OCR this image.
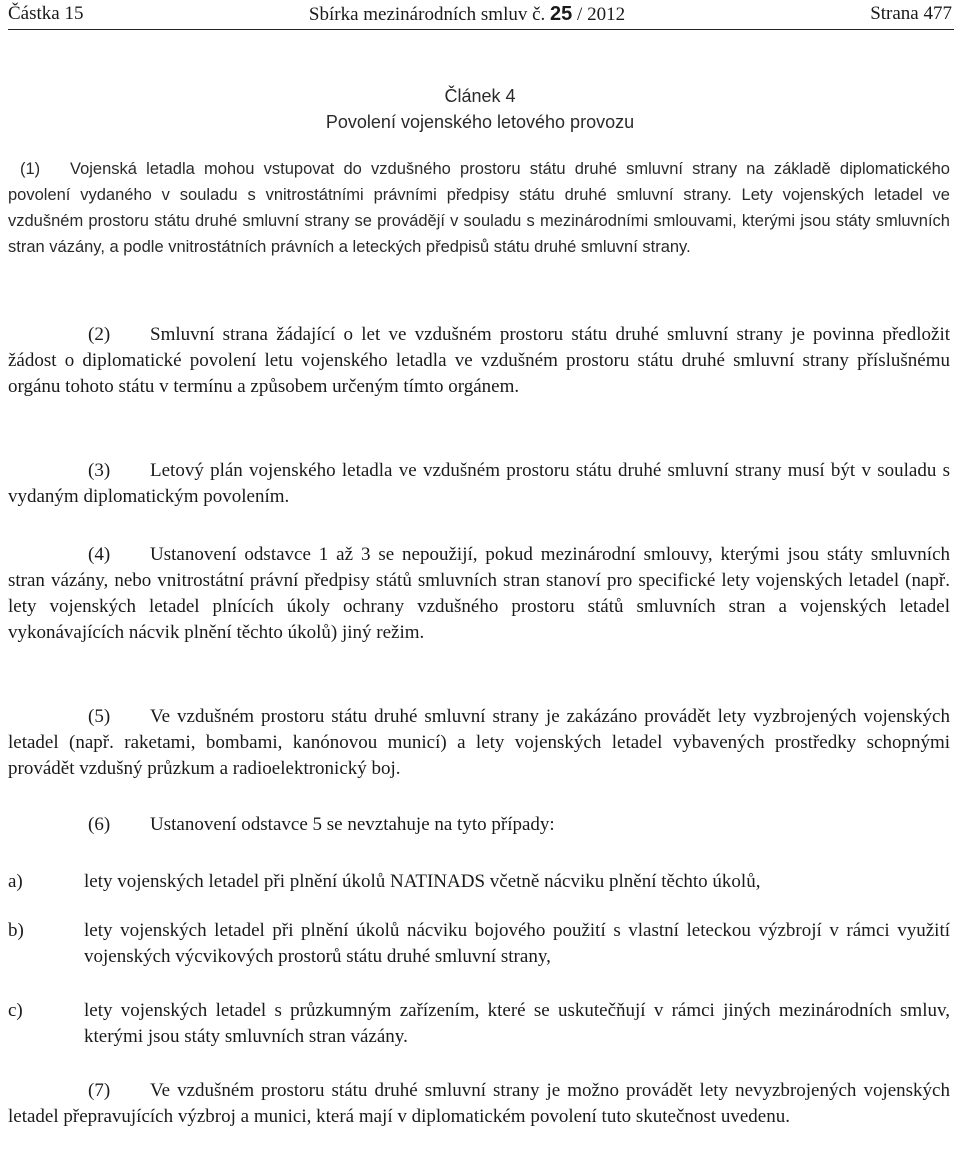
Částka 15	Sbírka mezinárodních smluv č. 25 / 2012	Strana 477
Článek 4
Povolení vojenského letového provozu

(1) Vojenská letadla mohou vstupovat do vzdušného prostoru státu druhé smluvní strany na základě diplomatického povolení vydaného v souladu s vnitrostátními právními předpisy státu druhé smluvní strany. Lety vojenských letadel ve vzdušném prostoru státu druhé smluvní strany se provádějí v souladu s mezinárodními smlouvami, kterými jsou státy smluvních stran vázány, a podle vnitrostátních právních a leteckých předpisů státu druhé smluvní strany.

(2) Smluvní strana žádající o let ve vzdušném prostoru státu druhé smluvní strany je povinna předložit žádost o diplomatické povolení letu vojenského letadla ve vzdušném prostoru státu druhé smluvní strany příslušnému orgánu tohoto státu v termínu a způsobem určeným tímto orgánem.

(3) Letový plán vojenského letadla ve vzdušném prostoru státu druhé smluvní strany musí být v souladu s vydaným diplomatickým povolením.

(4) Ustanovení odstavce 1 až 3 se nepoužijí, pokud mezinárodní smlouvy, kterými jsou státy smluvních stran vázány, nebo vnitrostátní právní předpisy států smluvních stran stanoví pro specifické lety vojenských letadel (např. lety vojenských letadel plnících úkoly ochrany vzdušného prostoru států smluvních stran a vojenských letadel vykonávajících nácvik plnění těchto úkolů) jiný režim.

(5) Ve vzdušném prostoru státu druhé smluvní strany je zakázáno provádět lety vyzbrojených vojenských letadel (např. raketami, bombami, kanónovou municí) a lety vojenských letadel vybavených prostředky schopnými provádět vzdušný průzkum a radioelektronický boj.

(6) Ustanovení odstavce 5 se nevztahuje na tyto případy:

a)	lety vojenských letadel při plnění úkolů NATINADS včetně nácviku plnění těchto úkolů,
b)	lety vojenských letadel při plnění úkolů nácviku bojového použití s vlastní leteckou výzbrojí v rámci využití vojenských výcvikových prostorů státu druhé smluvní strany,
c)	lety vojenských letadel s průzkumným zařízením, které se uskutečňují v rámci jiných mezinárodních smluv, kterými jsou státy smluvních stran vázány.

(7) Ve vzdušném prostoru státu druhé smluvní strany je možno provádět lety nevyzbrojených vojenských letadel přepravujících výzbroj a munici, která mají v diplomatickém povolení tuto skutečnost uvedenu.
